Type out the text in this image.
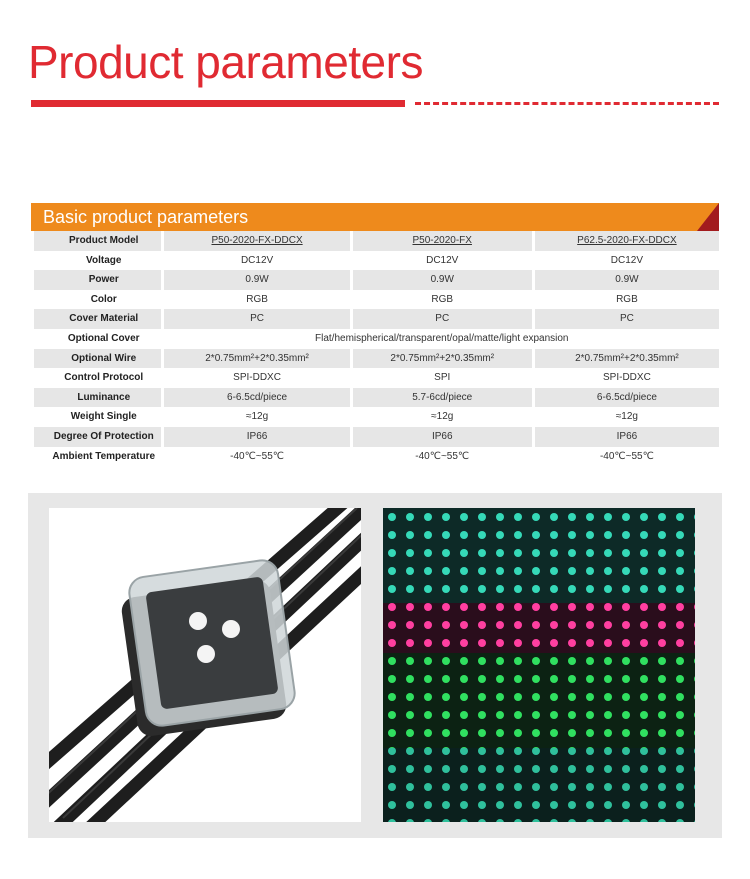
Product parameters
Basic product parameters
Product Model	P50-2020-FX-DDCX	P50-2020-FX	P62.5-2020-FX-DDCX
Voltage	DC12V	DC12V	DC12V
Power	0.9W	0.9W	0.9W
Color	RGB	RGB	RGB
Cover Material	PC	PC	PC
Optional Cover	Flat/hemispherical/transparent/opal/matte/light expansion
Optional Wire	2*0.75mm²+2*0.35mm²	2*0.75mm²+2*0.35mm²	2*0.75mm²+2*0.35mm²
Control Protocol	SPI-DDXC	SPI	SPI-DDXC
Luminance	6-6.5cd/piece	5.7-6cd/piece	6-6.5cd/piece
Weight Single	≈12g	≈12g	≈12g
Degree Of Protection	IP66	IP66	IP66
Ambient Temperature	-40℃~55℃	-40℃~55℃	-40℃~55℃
